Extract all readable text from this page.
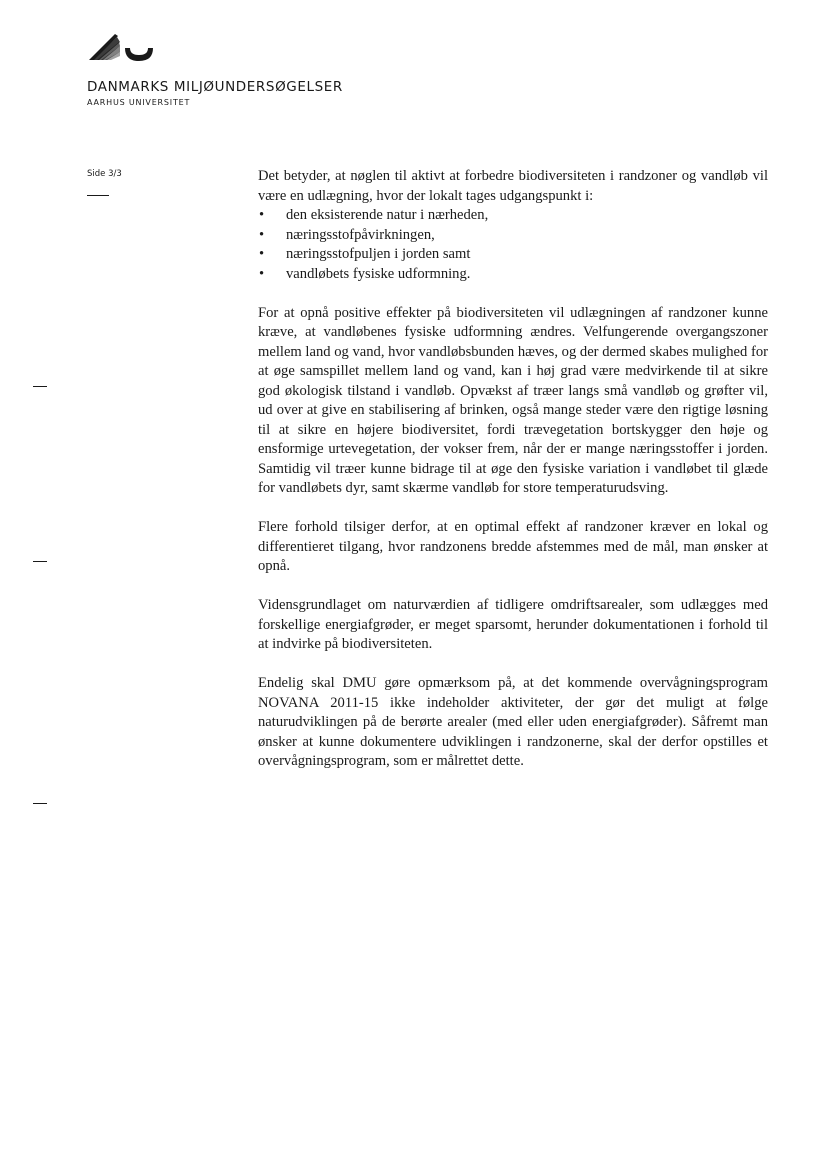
DANMARKS MILJØUNDERSØGELSER
AARHUS UNIVERSITET
Side 3/3	Det betyder, at nøglen til aktivt at forbedre biodiversiteten i randzoner og vandløb vil være en udlægning, hvor der lokalt tages udgangspunkt i:

• den eksisterende natur i nærheden,
• næringsstofpåvirkningen,
• næringsstofpuljen i jorden samt
• vandløbets fysiske udformning.

For at opnå positive effekter på biodiversiteten vil udlægningen af randzoner kunne kræve, at vandløbenes fysiske udformning ændres. Velfungerende overgangszoner mellem land og vand, hvor vandløbsbunden hæves, og der dermed skabes mulighed for at øge samspillet mellem land og vand, kan i høj grad være medvirkende til at sikre god økologisk tilstand i vandløb. Opvækst af træer langs små vandløb og grøfter vil, ud over at give en stabilisering af brinken, også mange steder være den rigtige løsning til at sikre en højere biodiversitet, fordi trævegetation bortskygger den høje og ensformige urtevegetation, der vokser frem, når der er mange næringsstoffer i jorden. Samtidig vil træer kunne bidrage til at øge den fysiske variation i vandløbet til glæde for vandløbets dyr, samt skærme vandløb for store temperaturudsving.

Flere forhold tilsiger derfor, at en optimal effekt af randzoner kræver en lokal og differentieret tilgang, hvor randzonens bredde afstemmes med de mål, man ønsker at opnå.

Vidensgrundlaget om naturværdien af tidligere omdriftsarealer, som udlægges med forskellige energiafgrøder, er meget sparsomt, herunder dokumentationen i forhold til at indvirke på biodiversiteten.

Endelig skal DMU gøre opmærksom på, at det kommende overvågningsprogram NOVANA 2011-15 ikke indeholder aktiviteter, der gør det muligt at følge naturudviklingen på de berørte arealer (med eller uden energiafgrøder). Såfremt man ønsker at kunne dokumentere udviklingen i randzonerne, skal der derfor opstilles et overvågningsprogram, som er målrettet dette.
